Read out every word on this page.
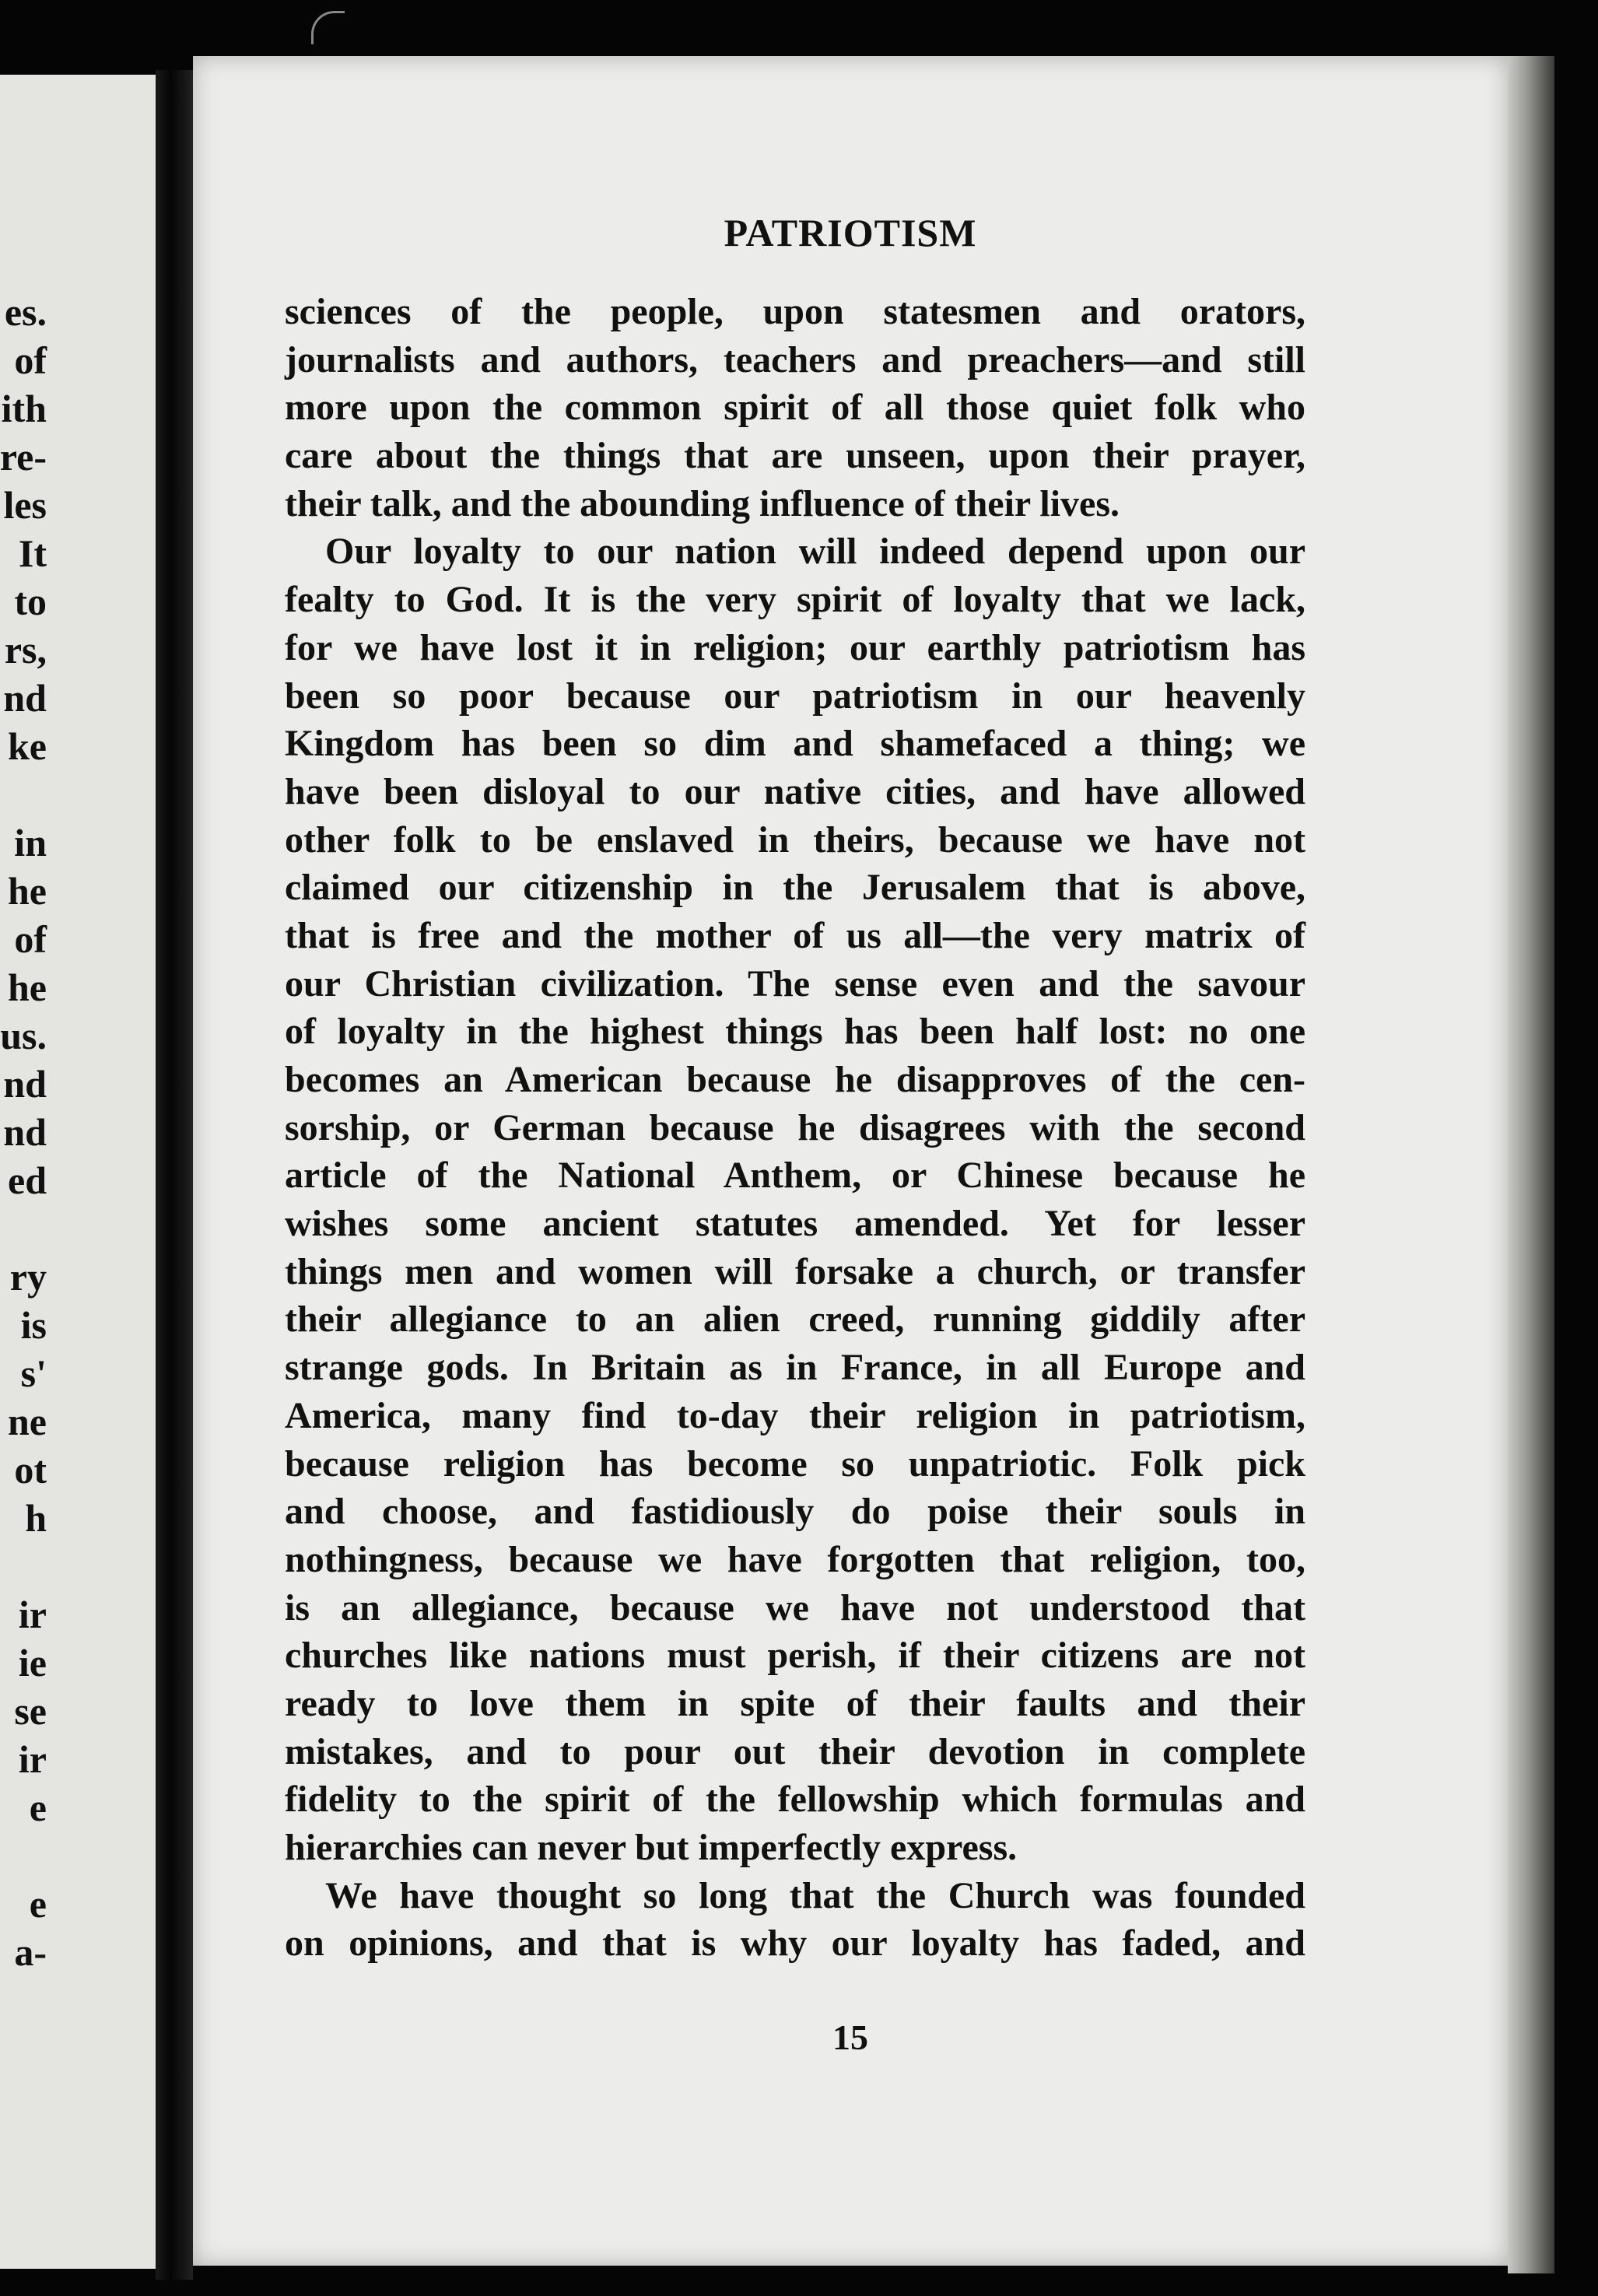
es.
of
ith
re-
les
It
to
rs,
nd
ke
in
he
of
he
us.
nd
nd
ed
ry
is
s'
ne
ot
h
ir
ie
se
ir
e
e
a-
PATRIOTISM
sciences of the people, upon statesmen and orators,
journalists and authors, teachers and preachers—and still
more upon the common spirit of all those quiet folk who
care about the things that are unseen, upon their prayer,
their talk, and the abounding influence of their lives.
Our loyalty to our nation will indeed depend upon our
fealty to God. It is the very spirit of loyalty that we lack,
for we have lost it in religion; our earthly patriotism has
been so poor because our patriotism in our heavenly
Kingdom has been so dim and shamefaced a thing; we
have been disloyal to our native cities, and have allowed
other folk to be enslaved in theirs, because we have not
claimed our citizenship in the Jerusalem that is above,
that is free and the mother of us all—the very matrix of
our Christian civilization. The sense even and the savour
of loyalty in the highest things has been half lost: no one
becomes an American because he disapproves of the cen-
sorship, or German because he disagrees with the second
article of the National Anthem, or Chinese because he
wishes some ancient statutes amended. Yet for lesser
things men and women will forsake a church, or transfer
their allegiance to an alien creed, running giddily after
strange gods. In Britain as in France, in all Europe and
America, many find to-day their religion in patriotism,
because religion has become so unpatriotic. Folk pick
and choose, and fastidiously do poise their souls in
nothingness, because we have forgotten that religion, too,
is an allegiance, because we have not understood that
churches like nations must perish, if their citizens are not
ready to love them in spite of their faults and their
mistakes, and to pour out their devotion in complete
fidelity to the spirit of the fellowship which formulas and
hierarchies can never but imperfectly express.
We have thought so long that the Church was founded
on opinions, and that is why our loyalty has faded, and
15
